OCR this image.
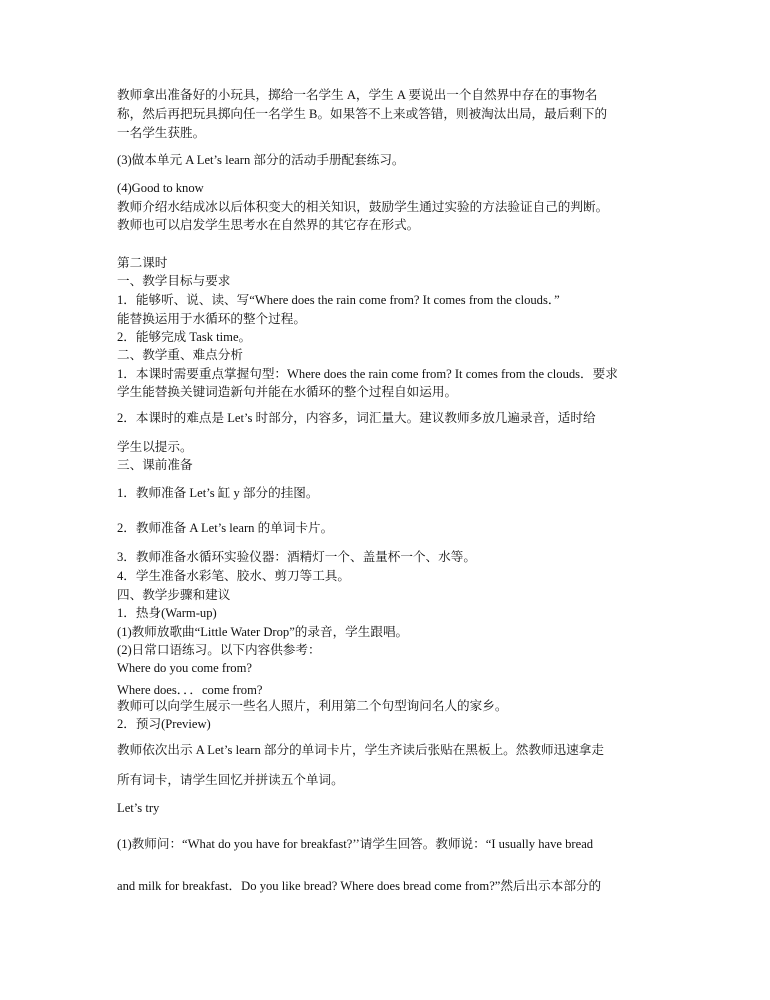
教师拿出准备好的小玩具，掷给一名学生 A，学生 A 要说出一个自然界中存在的事物名
称，然后再把玩具掷向任一名学生 B。如果答不上来或答错，则被淘汰出局，最后剩下的
一名学生获胜。
(3)做本单元 A Let’s learn 部分的活动手册配套练习。
(4)Good to know
教师介绍水结成冰以后体积变大的相关知识，鼓励学生通过实验的方法验证自己的判断。
教师也可以启发学生思考水在自然界的其它存在形式。
第二课时
一、教学目标与要求
1．能够听、说、读、写“Where does the rain come from? It comes from the clouds．”
能替换运用于水循环的整个过程。
2．能够完成 Task time。
二、教学重、难点分析
1．本课时需要重点掌握句型：Where does the rain come from? It comes from the clouds．要求
学生能替换关键词造新句并能在水循环的整个过程自如运用。
2．本课时的难点是 Let’s 时部分，内容多，词汇量大。建议教师多放几遍录音，适时给
学生以提示。
三、课前准备
1．教师准备 Let’s 缸 y 部分的挂图。
2．教师准备 A Let’s learn 的单词卡片。
3．教师准备水循环实验仪器：酒精灯一个、盖量杯一个、水等。
4．学生准备水彩笔、胶水、剪刀等工具。
四、教学步骤和建议
1．热身(Warm-up)
(1)教师放歌曲“Little Water Drop”的录音，学生跟唱。
(2)日常口语练习。以下内容供参考：
Where do you come from?
Where does．．．come from?
教师可以向学生展示一些名人照片，利用第二个句型询问名人的家乡。
2．预习(Preview)
教师依次出示 A Let’s learn 部分的单词卡片，学生齐读后张贴在黑板上。然教师迅速拿走
所有词卡，请学生回忆并拼读五个单词。
Let’s try
(1)教师问：“What do you have for breakfast?’’请学生回答。教师说：“I usually have bread
and milk for breakfast．Do you like bread? Where does bread come from?”然后出示本部分的
